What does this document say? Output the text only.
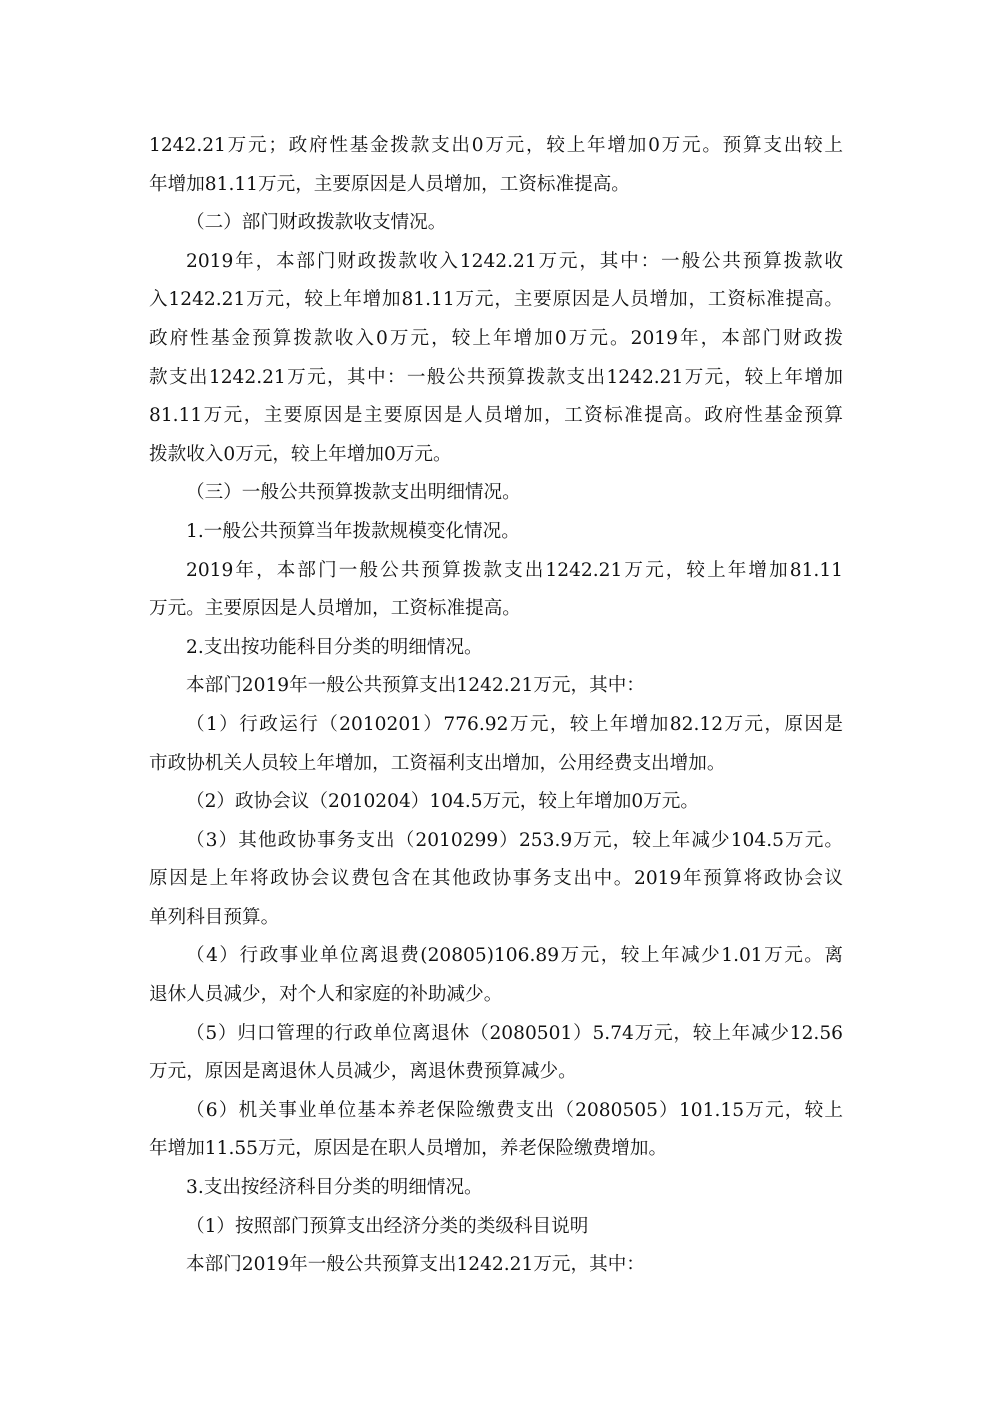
1242.21万元；政府性基金拨款支出0万元，较上年增加0万元。预算支出较上
年增加81.11万元，主要原因是人员增加，工资标准提高。
（二）部门财政拨款收支情况。
2019年，本部门财政拨款收入1242.21万元，其中：一般公共预算拨款收
入1242.21万元，较上年增加81.11万元，主要原因是人员增加，工资标准提高。
政府性基金预算拨款收入0万元，较上年增加0万元。2019年，本部门财政拨
款支出1242.21万元，其中：一般公共预算拨款支出1242.21万元，较上年增加
81.11万元，主要原因是主要原因是人员增加，工资标准提高。政府性基金预算
拨款收入0万元，较上年增加0万元。
（三）一般公共预算拨款支出明细情况。
1.一般公共预算当年拨款规模变化情况。
2019年，本部门一般公共预算拨款支出1242.21万元，较上年增加81.11
万元。主要原因是人员增加，工资标准提高。
2.支出按功能科目分类的明细情况。
本部门2019年一般公共预算支出1242.21万元，其中：
（1）行政运行（2010201）776.92万元，较上年增加82.12万元，原因是
市政协机关人员较上年增加，工资福利支出增加，公用经费支出增加。
（2）政协会议（2010204）104.5万元，较上年增加0万元。
（3）其他政协事务支出（2010299）253.9万元，较上年减少104.5万元。
原因是上年将政协会议费包含在其他政协事务支出中。2019年预算将政协会议
单列科目预算。
（4）行政事业单位离退费(20805)106.89万元，较上年减少1.01万元。离
退休人员减少，对个人和家庭的补助减少。
（5）归口管理的行政单位离退休（2080501）5.74万元，较上年减少12.56
万元，原因是离退休人员减少，离退休费预算减少。
（6）机关事业单位基本养老保险缴费支出（2080505）101.15万元，较上
年增加11.55万元，原因是在职人员增加，养老保险缴费增加。
3.支出按经济科目分类的明细情况。
（1）按照部门预算支出经济分类的类级科目说明
本部门2019年一般公共预算支出1242.21万元，其中：
